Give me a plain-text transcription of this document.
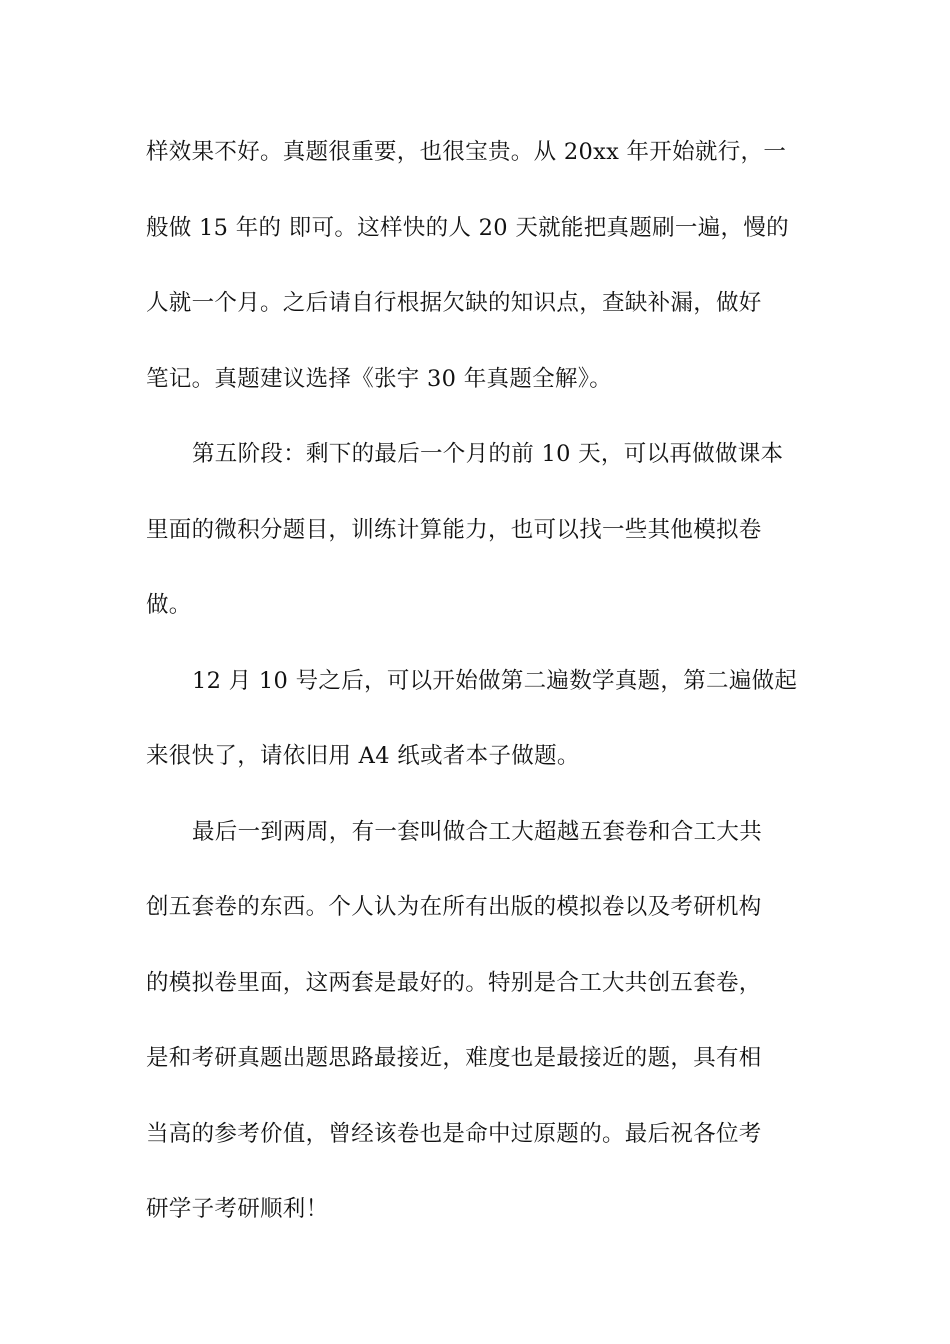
样效果不好。真题很重要，也很宝贵。从 20xx 年开始就行，一
般做 15 年的 即可。这样快的人 20 天就能把真题刷一遍，慢的
人就一个月。之后请自行根据欠缺的知识点，查缺补漏，做好
笔记。真题建议选择《张宇 30 年真题全解》。
第五阶段：剩下的最后一个月的前 10 天，可以再做做课本
里面的微积分题目，训练计算能力，也可以找一些其他模拟卷
做。
12 月 10 号之后，可以开始做第二遍数学真题，第二遍做起
来很快了，请依旧用 A4 纸或者本子做题。
最后一到两周，有一套叫做合工大超越五套卷和合工大共
创五套卷的东西。个人认为在所有出版的模拟卷以及考研机构
的模拟卷里面，这两套是最好的。特别是合工大共创五套卷，
是和考研真题出题思路最接近，难度也是最接近的题，具有相
当高的参考价值，曾经该卷也是命中过原题的。最后祝各位考
研学子考研顺利！
